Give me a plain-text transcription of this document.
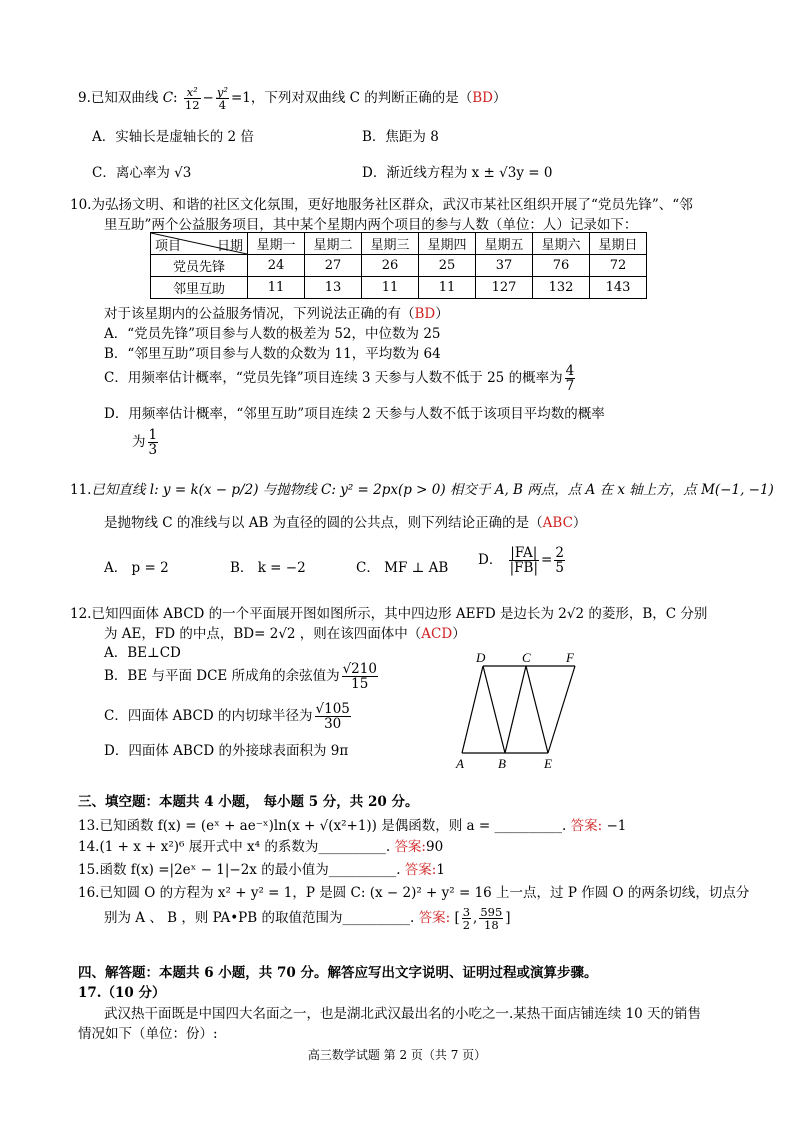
9.已知双曲线 C: $\frac{\text{x²}}{12} - \frac{\text{y²}}{4} =1$，下列对双曲线 C 的判断正确的是（BD）
A．实轴长是虚轴长的 2 倍	B．焦距为 8
C．离心率为 √3	D．渐近线方程为 x ± √3y = 0
10.为弘扬文明、和谐的社区文化氛围，更好地服务社区群众，武汉市某社区组织开展了“党员先锋”、“邻
里互助”两个公益服务项目，其中某个星期内两个项目的参与人数（单位：人）记录如下：
项目 日期	星期一	星期二	星期三	星期四	星期五	星期六	星期日
党员先锋	24	27	26	25	37	76	72
邻里互助	11	13	11	11	127	132	143
对于该星期内的公益服务情况，下列说法正确的有（BD）
A．“党员先锋”项目参与人数的极差为 52，中位数为 25
B．“邻里互助”项目参与人数的众数为 11，平均数为 64
C．用频率估计概率，“党员先锋”项目连续 3 天参与人数不低于 25 的概率为 $\frac{4}{7}$
D．用频率估计概率，“邻里互助”项目连续 2 天参与人数不低于该项目平均数的概率
为 $\frac{1}{3}$
11.已知直线 l: y = k(x − p/2) 与抛物线 C: y² = 2px(p > 0) 相交于 A, B 两点，点 A 在 x 轴上方，点 M(−1, −1)
是抛物线 C 的准线与以 AB 为直径的圆的公共点，则下列结论正确的是（ABC）
A． p = 2	B． k = −2	C． MF ⊥ AB D． $\frac{|FA|}{|FB|} = \frac{2}{5}$
12.已知四面体 ABCD 的一个平面展开图如图所示，其中四边形 AEFD 是边长为 2√2 的菱形，B，C 分别
为 AE，FD 的中点，BD= 2√2 ，则在该四面体中（ACD）
A．BE⊥CD
B．BE 与平面 DCE 所成角的余弦值为 $\frac{√210}{15}$
C．四面体 ABCD 的内切球半径为 $\frac{√105}{30}$
D．四面体 ABCD 的外接球表面积为 9π
D	C	F
A	B	E
三、填空题：本题共 4 小题， 每小题 5 分，共 20 分。
13.已知函数 f(x) = (eˣ + ae⁻ˣ)ln(x + √(x²+1)) 是偶函数，则 a = __________. 答案: −1
14.(1 + x + x²)⁶ 展开式中 x⁴ 的系数为__________. 答案:90
15.函数 f(x) =|2eˣ − 1|−2x 的最小值为__________. 答案:1
16.已知圆 O 的方程为 x² + y² = 1，P 是圆 C: (x − 2)² + y² = 16 上一点，过 P 作圆 O 的两条切线，切点分
别为 A 、 B ，则 PA•PB 的取值范围为__________. 答案: [ $\frac{3}{2}$ , $\frac{595}{18}$ ]
四、解答题：本题共 6 小题，共 70 分。解答应写出文字说明、证明过程或演算步骤。
17.（10 分）
武汉热干面既是中国四大名面之一，也是湖北武汉最出名的小吃之一.某热干面店铺连续 10 天的销售
情况如下（单位：份）:
高三数学试题 第 2 页（共 7 页）
